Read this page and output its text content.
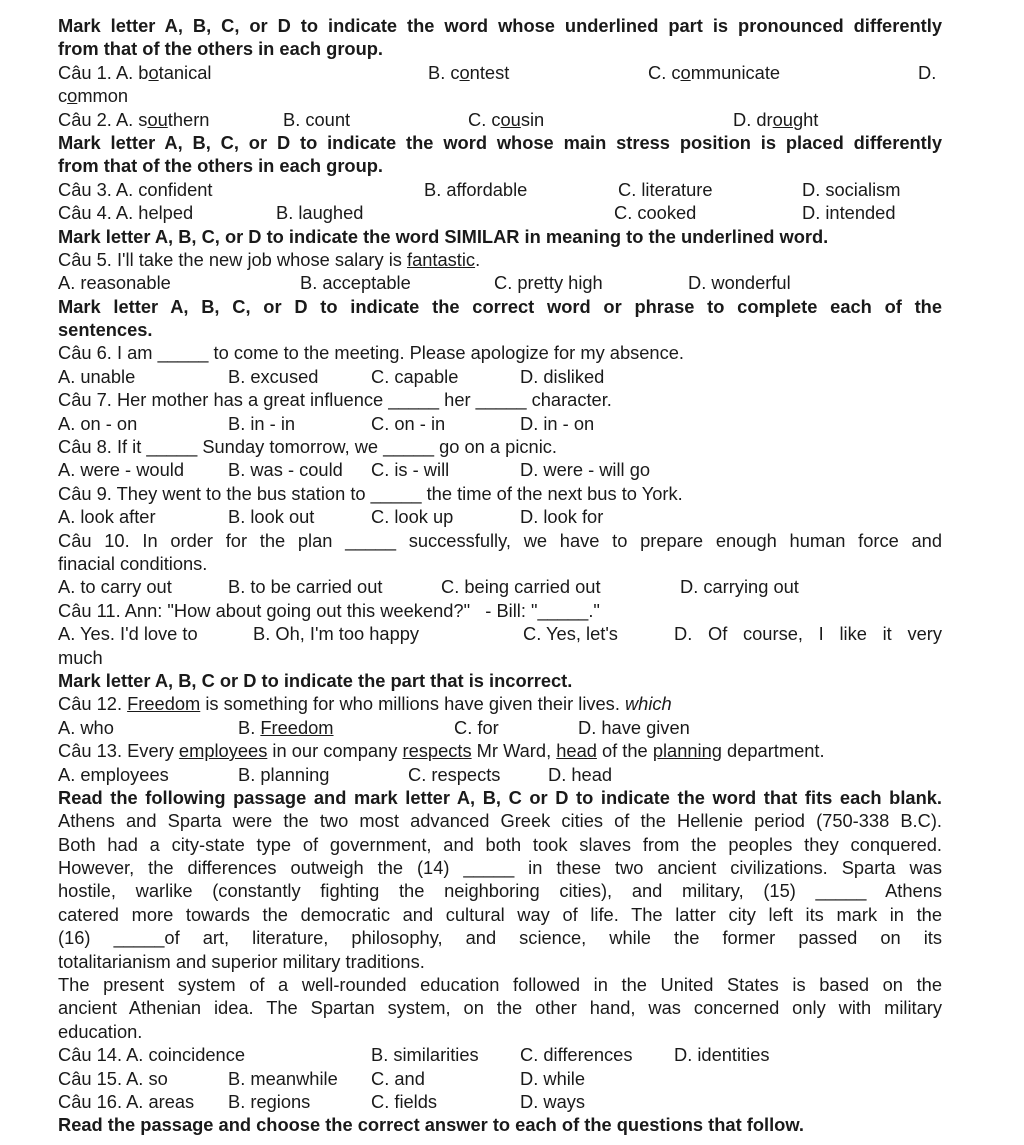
Mark letter A, B, C, or D to indicate the word whose underlined part is pronounced differently
from that of the others in each group.
Câu 1. A. botanical	B. contest	C. communicate	D.
common
Câu 2. A. southern	B. count	C. cousin	D. drought
Mark letter A, B, C, or D to indicate the word whose main stress position is placed differently
from that of the others in each group.
Câu 3. A. confident	B. affordable	C. literature	D. socialism
Câu 4. A. helped	B. laughed	C. cooked	D. intended
Mark letter A, B, C, or D to indicate the word SIMILAR in meaning to the underlined word.
Câu 5. I'll take the new job whose salary is fantastic.
A. reasonable	B. acceptable	C. pretty high	D. wonderful
Mark letter A, B, C, or D to indicate the correct word or phrase to complete each of the
sentences.
Câu 6. I am _____ to come to the meeting. Please apologize for my absence.
A. unable	B. excused	C. capable	D. disliked
Câu 7. Her mother has a great influence _____ her _____ character.
A. on - on	B. in - in	C. on - in	D. in - on
Câu 8. If it _____ Sunday tomorrow, we _____ go on a picnic.
A. were - would B. was - could C. is - will	D. were - will go
Câu 9. They went to the bus station to _____ the time of the next bus to York.
A. look after	B. look out	C. look up	D. look for
Câu 10. In order for the plan _____ successfully, we have to prepare enough human force and
finacial conditions.
A. to carry out	B. to be carried out	C. being carried out	D. carrying out
Câu 11. Ann: "How about going out this weekend?"   - Bill: "_____."
A. Yes. I'd love to	B. Oh, I'm too happy	C. Yes, let's	D. Of course, I like it very
much
Mark letter A, B, C or D to indicate the part that is incorrect.
Câu 12. Freedom is something for who millions have given their lives. which
A. who	B. Freedom	C. for	D. have given
Câu 13. Every employees in our company respects Mr Ward, head of the planning department.
A. employees	B. planning	C. respects	D. head
Read the following passage and mark letter A, B, C or D to indicate the word that fits each blank.
Athens and Sparta were the two most advanced Greek cities of the Hellenie period (750-338 B.C).
Both had a city-state type of government, and both took slaves from the peoples they conquered.
However, the differences outweigh the (14) _____ in these two ancient civilizations. Sparta was
hostile, warlike (constantly fighting the neighboring cities), and military, (15) _____ Athens
catered more towards the democratic and cultural way of life. The latter city left its mark in the
(16) _____of art, literature, philosophy, and science, while the former passed on its
totalitarianism and superior military traditions.
The present system of a well-rounded education followed in the United States is based on the
ancient Athenian idea. The Spartan system, on the other hand, was concerned only with military
education.
Câu 14. A. coincidence	B. similarities C. differences D. identities
Câu 15. A. so	B. meanwhile C. and	D. while
Câu 16. A. areas B. regions	C. fields	D. ways
Read the passage and choose the correct answer to each of the questions that follow.
